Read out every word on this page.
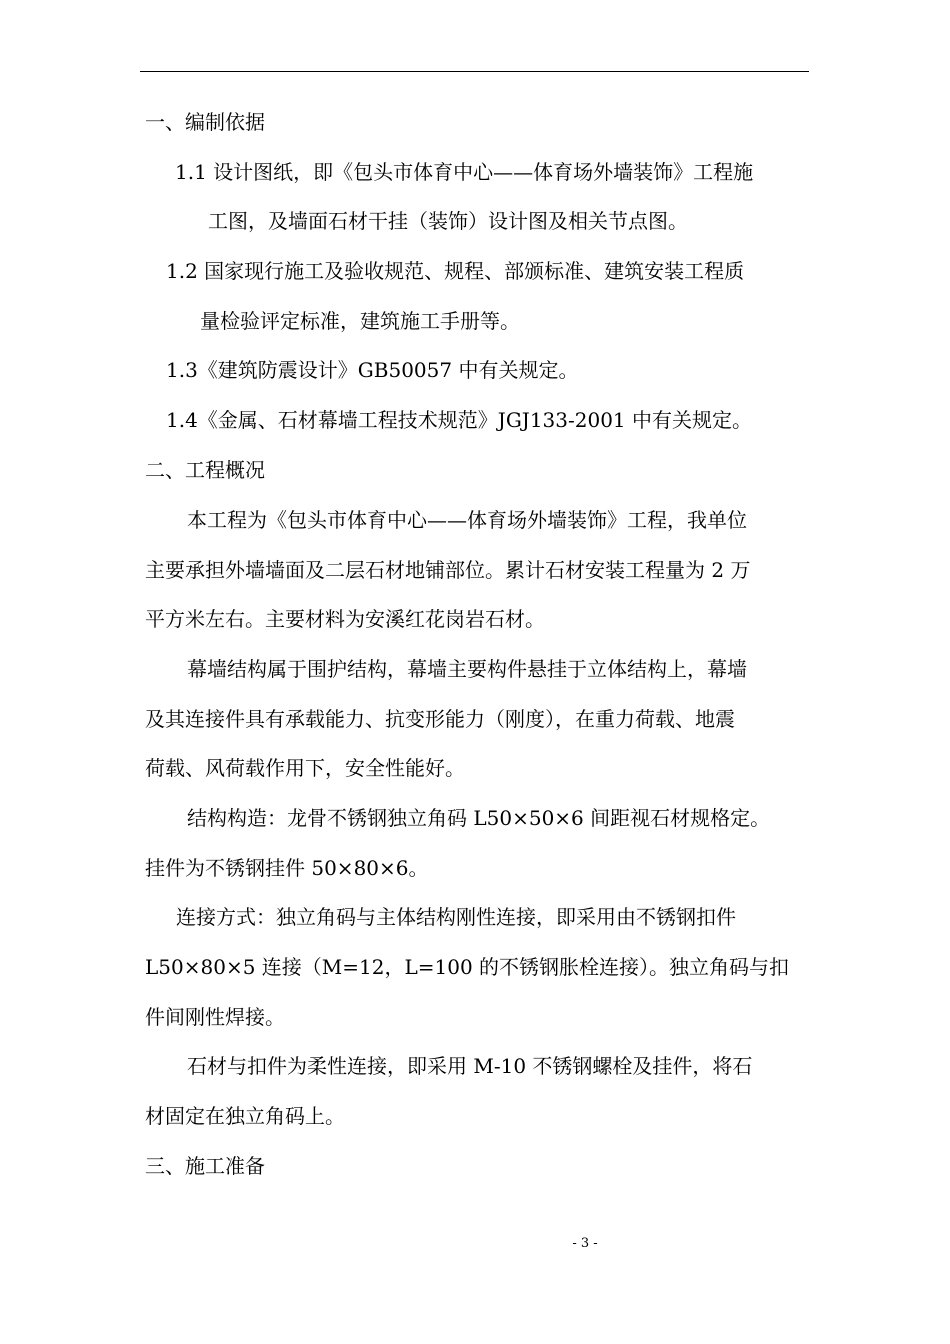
一、编制依据
1.1 设计图纸，即《包头市体育中心——体育场外墙装饰》工程施
工图，及墙面石材干挂（装饰）设计图及相关节点图。
1.2 国家现行施工及验收规范、规程、部颁标准、建筑安装工程质
量检验评定标准，建筑施工手册等。
1.3《建筑防震设计》GB50057 中有关规定。
1.4《金属、石材幕墙工程技术规范》JGJ133-2001 中有关规定。
二、工程概况
本工程为《包头市体育中心——体育场外墙装饰》工程，我单位
主要承担外墙墙面及二层石材地铺部位。累计石材安装工程量为 2 万
平方米左右。主要材料为安溪红花岗岩石材。
幕墙结构属于围护结构，幕墙主要构件悬挂于立体结构上，幕墙
及其连接件具有承载能力、抗变形能力（刚度），在重力荷载、地震
荷载、风荷载作用下，安全性能好。
结构构造：龙骨不锈钢独立角码 L50×50×6 间距视石材规格定。
挂件为不锈钢挂件 50×80×6。
连接方式：独立角码与主体结构刚性连接，即采用由不锈钢扣件
L50×80×5 连接（M=12，L=100 的不锈钢胀栓连接）。独立角码与扣
件间刚性焊接。
石材与扣件为柔性连接，即采用 M-10 不锈钢螺栓及挂件，将石
材固定在独立角码上。
三、施工准备
- 3 -
